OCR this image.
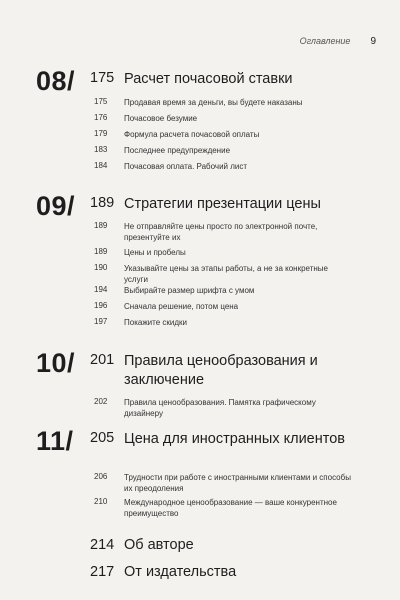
Оглавление 9
08/ 175 Расчет почасовой ставки
175 Продавая время за деньги, вы будете наказаны
176 Почасовое безумие
179 Формула расчета почасовой оплаты
183 Последнее предупреждение
184 Почасовая оплата. Рабочий лист
09/ 189 Стратегии презентации цены
189 Не отправляйте цены просто по электронной почте, презентуйте их
189 Цены и пробелы
190 Указывайте цены за этапы работы, а не за конкретные услуги
194 Выбирайте размер шрифта с умом
196 Сначала решение, потом цена
197 Покажите скидки
10/ 201 Правила ценообразования и заключение
202 Правила ценообразования. Памятка графическому дизайнеру
11/ 205 Цена для иностранных клиентов
206 Трудности при работе с иностранными клиентами и способы их преодоления
210 Международное ценообразование — ваше конкурентное преимущество
214 Об авторе
217 От издательства
